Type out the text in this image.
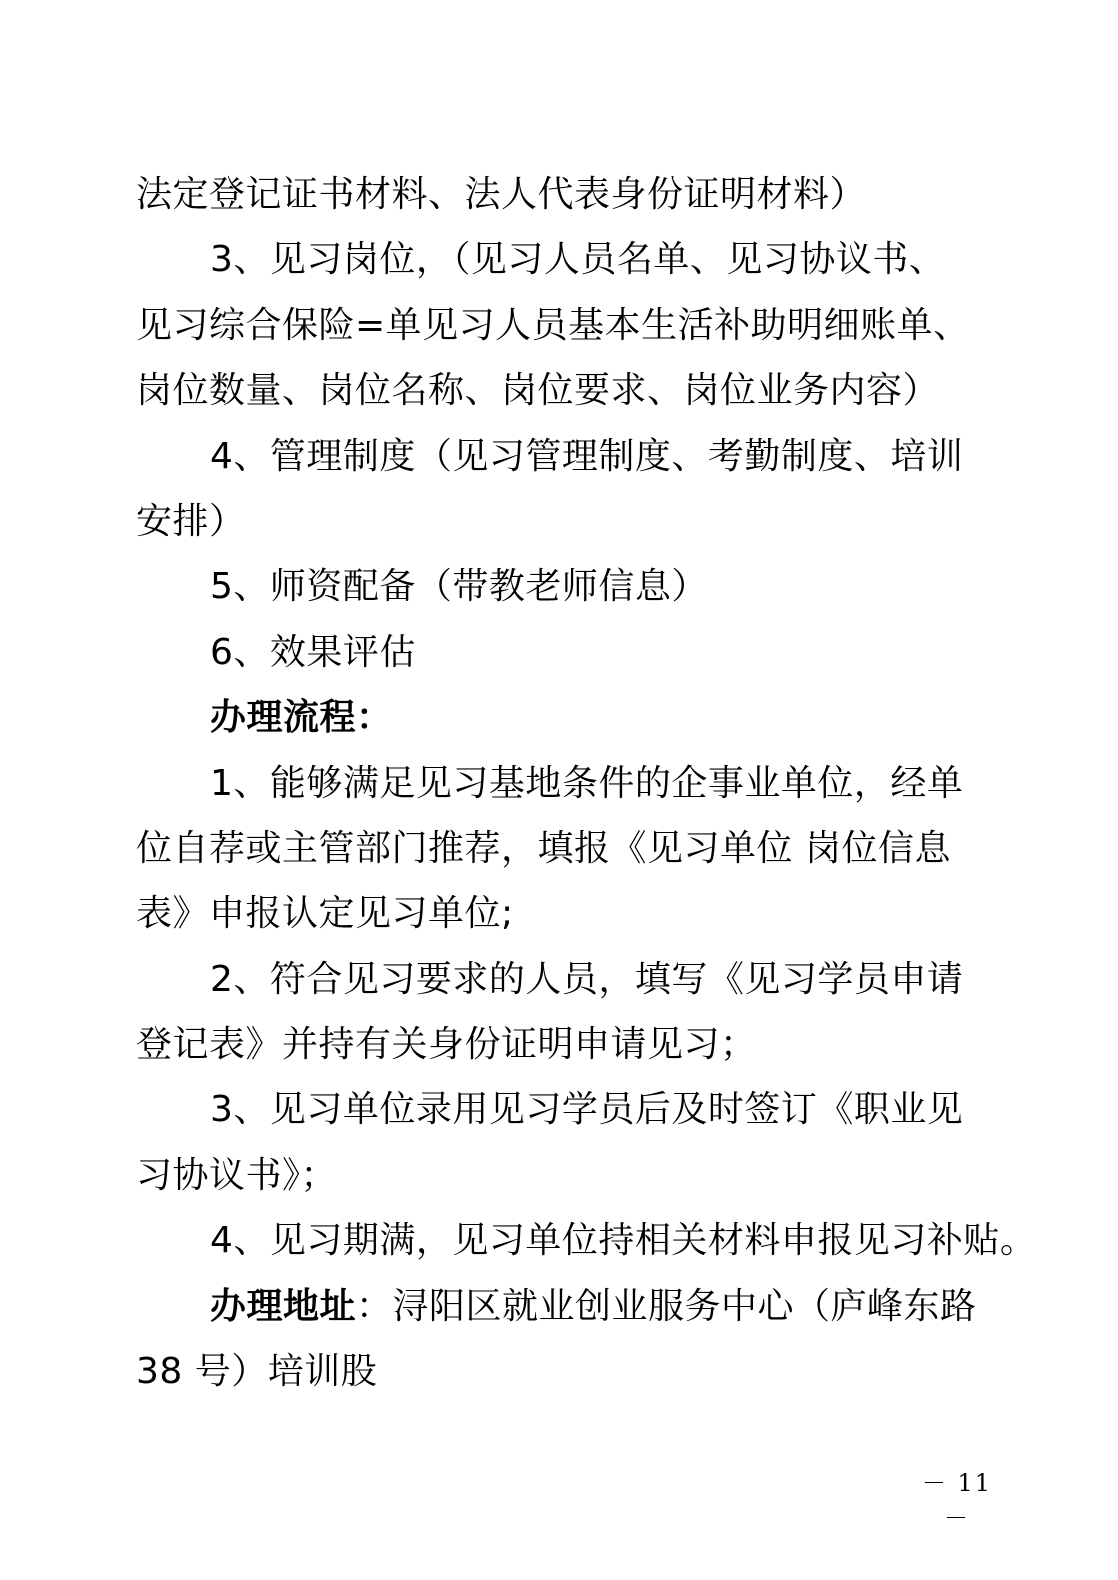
法定登记证书材料、法人代表身份证明材料）
3、见习岗位，（见习人员名单、见习协议书、
见习综合保险=单见习人员基本生活补助明细账单、
岗位数量、岗位名称、岗位要求、岗位业务内容）
4、管理制度（见习管理制度、考勤制度、培训
安排）
5、师资配备（带教老师信息）
6、效果评估
办理流程：
1、能够满足见习基地条件的企事业单位，经单
位自荐或主管部门推荐，填报《见习单位 岗位信息
表》申报认定见习单位;
2、符合见习要求的人员，填写《见习学员申请
登记表》并持有关身份证明申请见习；
3、见习单位录用见习学员后及时签订《职业见
习协议书》；
4、见习期满，见习单位持相关材料申报见习补贴。
办理地址：浔阳区就业创业服务中心（庐峰东路
38 号）培训股
－ 11 －
